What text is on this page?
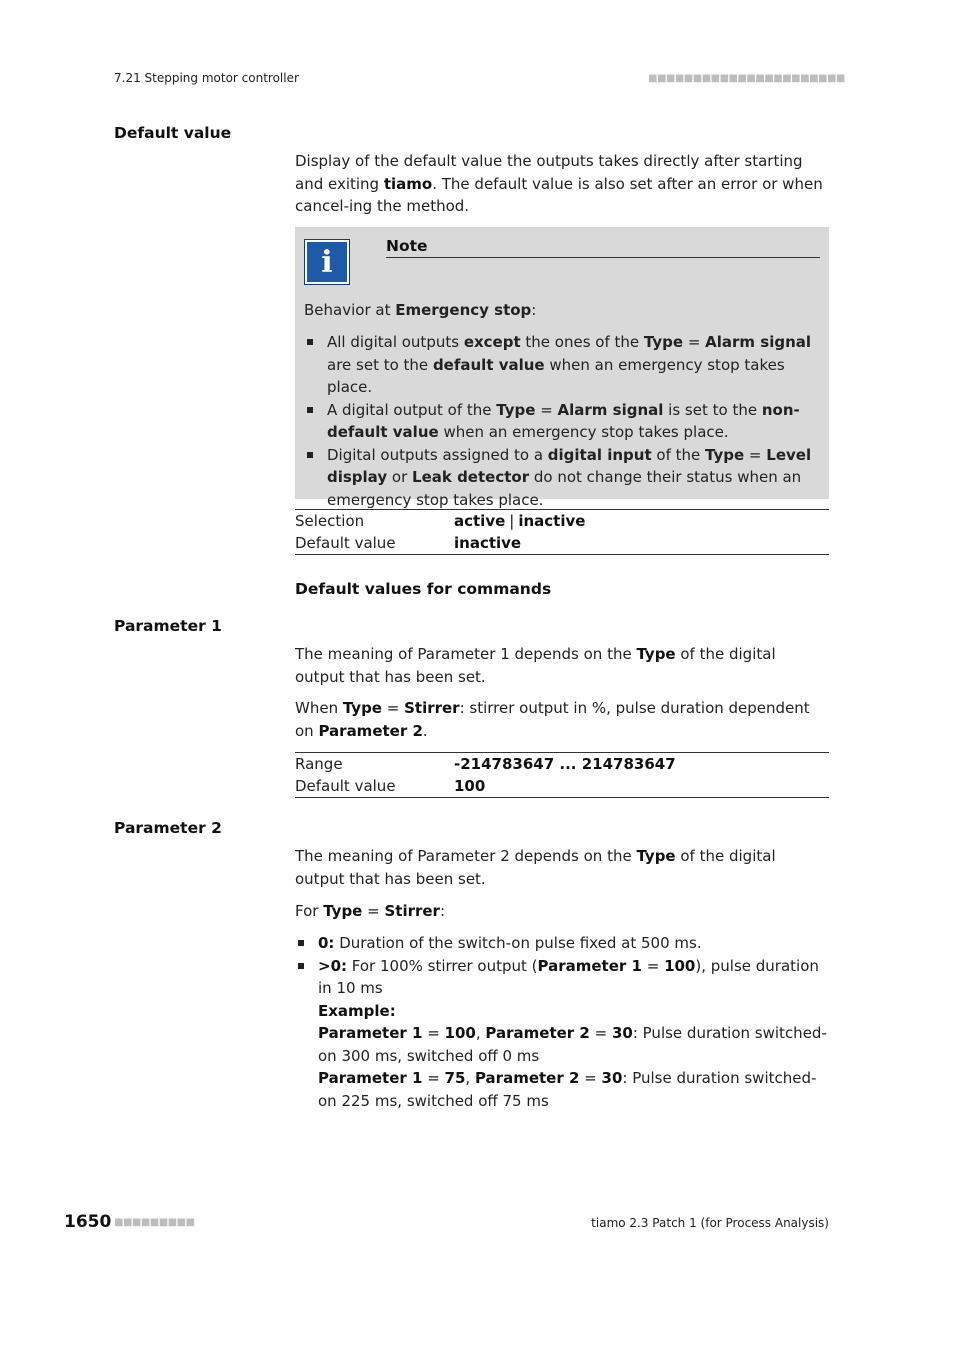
7.21 Stepping motor controller	■■■■■■■■■■■■■■■■■■■■■■
Default value
Display of the default value the outputs takes directly after starting and exiting tiamo. The default value is also set after an error or when cancel-ing the method.
i	Note
Behavior at Emergency stop:
All digital outputs except the ones of the Type = Alarm signal are set to the default value when an emergency stop takes place.
A digital output of the Type = Alarm signal is set to the non-default value when an emergency stop takes place.
Digital outputs assigned to a digital input of the Type = Level display or Leak detector do not change their status when an emergency stop takes place.
Selection	active | inactive
Default value	inactive
Default values for commands
Parameter 1
The meaning of Parameter 1 depends on the Type of the digital output that has been set.
When Type = Stirrer: stirrer output in %, pulse duration dependent on Parameter 2.
Range	-214783647 ... 214783647
Default value	100
Parameter 2
The meaning of Parameter 2 depends on the Type of the digital output that has been set.
For Type = Stirrer:
0: Duration of the switch-on pulse fixed at 500 ms.
>0: For 100% stirrer output (Parameter 1 = 100), pulse duration in 10 ms
Example:
Parameter 1 = 100, Parameter 2 = 30: Pulse duration switched-on 300 ms, switched off 0 ms
Parameter 1 = 75, Parameter 2 = 30: Pulse duration switched-on 225 ms, switched off 75 ms
1650 ■■■■■■■■■	tiamo 2.3 Patch 1 (for Process Analysis)
